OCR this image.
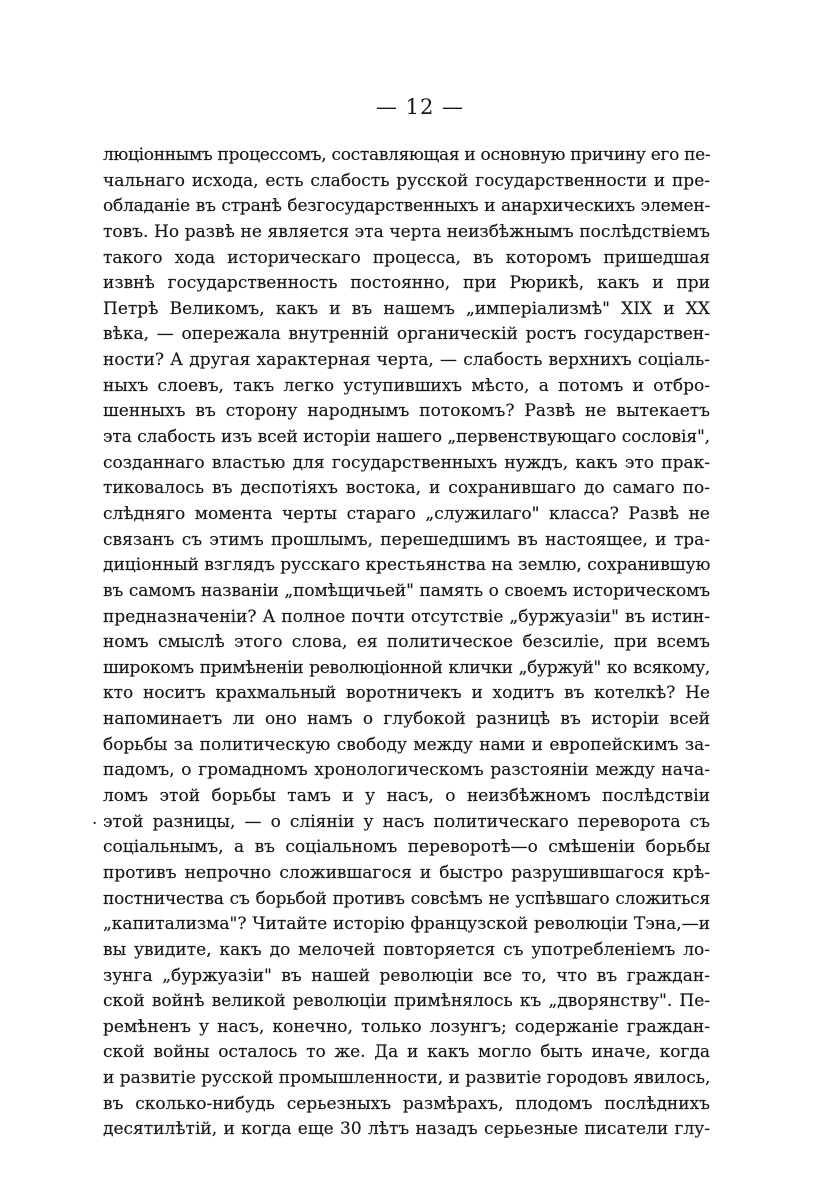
— 12 —
.
люціоннымъ процессомъ, составляющая и основную причину его пе-
чальнаго исхода, есть слабость русской государственности и пре-
обладаніе въ странѣ безгосударственныхъ и анархическихъ элемен-
товъ. Но развѣ не является эта черта неизбѣжнымъ послѣдствіемъ
такого хода историческаго процесса, въ которомъ пришедшая
извнѣ государственность постоянно, при Рюрикѣ, какъ и при
Петрѣ Великомъ, какъ и въ нашемъ „имперіализмѣ" XIX и XX
вѣка, — опережала внутренній органическій ростъ государствен-
ности? А другая характерная черта, — слабость верхнихъ соціаль-
ныхъ слоевъ, такъ легко уступившихъ мѣсто, а потомъ и отбро-
шенныхъ въ сторону народнымъ потокомъ? Развѣ не вытекаетъ
эта слабость изъ всей исторіи нашего „первенствующаго сословія",
созданнаго властью для государственныхъ нуждъ, какъ это прак-
тиковалось въ деспотіяхъ востока, и сохранившаго до самаго по-
слѣдняго момента черты стараго „служилаго" класса? Развѣ не
связанъ съ этимъ прошлымъ, перешедшимъ въ настоящее, и тра-
диціонный взглядъ русскаго крестьянства на землю, сохранившую
въ самомъ названіи „помѣщичьей" память о своемъ историческомъ
предназначеніи? А полное почти отсутствіе „буржуазіи" въ истин-
номъ смыслѣ этого слова, ея политическое безсиліе, при всемъ
широкомъ примѣненіи революціонной клички „буржуй" ко всякому,
кто носитъ крахмальный воротничекъ и ходитъ въ котелкѣ? Не
напоминаетъ ли оно намъ о глубокой разницѣ въ исторіи всей
борьбы за политическую свободу между нами и европейскимъ за-
падомъ, о громадномъ хронологическомъ разстояніи между нача-
ломъ этой борьбы тамъ и у насъ, о неизбѣжномъ послѣдствіи
этой разницы, — о сліяніи у насъ политическаго переворота съ
соціальнымъ, а въ соціальномъ переворотѣ—о смѣшеніи борьбы
противъ непрочно сложившагося и быстро разрушившагося крѣ-
постничества съ борьбой противъ совсѣмъ не успѣвшаго сложиться
„капитализма"? Читайте исторію французской революціи Тэна,—и
вы увидите, какъ до мелочей повторяется съ употребленіемъ ло-
зунга „буржуазіи" въ нашей революціи все то, что въ граждан-
ской войнѣ великой революціи примѣнялось къ „дворянству". Пе-
ремѣненъ у насъ, конечно, только лозунгъ; содержаніе граждан-
ской войны осталось то же. Да и какъ могло быть иначе, когда
и развитіе русской промышленности, и развитіе городовъ явилось,
въ сколько-нибудь серьезныхъ размѣрахъ, плодомъ послѣднихъ
десятилѣтій, и когда еще 30 лѣтъ назадъ серьезные писатели глу-
